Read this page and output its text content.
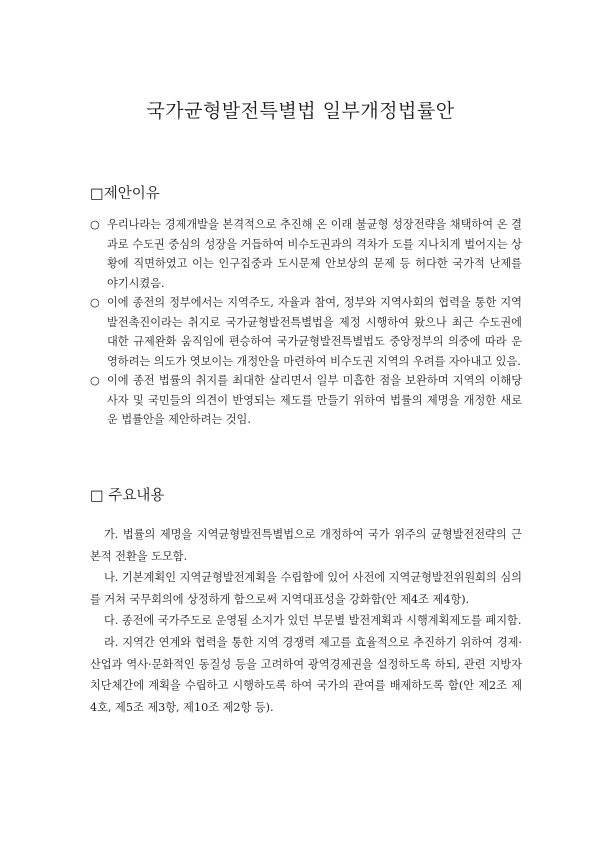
국가균형발전특별법 일부개정법률안
□제안이유
○ 우리나라는 경제개발을 본격적으로 추진해 온 이래 불균형 성장전략을 채택하여 온 결과로 수도권 중심의 성장을 거듭하여 비수도권과의 격차가 도를 지나치게 벌어지는 상황에 직면하였고 이는 인구집중과 도시문제 안보상의 문제 등 허다한 국가적 난제를 야기시켰음.
○ 이에 종전의 정부에서는 지역주도, 자율과 참여, 정부와 지역사회의 협력을 통한 지역발전촉진이라는 취지로 국가균형발전특별법을 제정 시행하여 왔으나 최근 수도권에 대한 규제완화 움직임에 편승하여 국가균형발전특별법도 중앙정부의 의중에 따라 운영하려는 의도가 엿보이는 개정안을 마련하여 비수도권 지역의 우려를 자아내고 있음.
○ 이에 종전 법률의 취지를 최대한 살리면서 일부 미흡한 점을 보완하며 지역의 이해당사자 및 국민들의 의견이 반영되는 제도를 만들기 위하여 법률의 제명을 개정한 새로운 법률안을 제안하려는 것임.
□ 주요내용
가. 법률의 제명을 지역균형발전특별법으로 개정하여 국가 위주의 균형발전전략의 근본적 전환을 도모함.
나. 기본계획인 지역균형발전계획을 수립함에 있어 사전에 지역균형발전위원회의 심의를 거쳐 국무회의에 상정하게 함으로써 지역대표성을 강화함(안 제4조 제4항).
다. 종전에 국가주도로 운영될 소지가 있던 부문별 발전계획과 시행계획제도를 폐지함.
라. 지역간 연계와 협력을 통한 지역 경쟁력 제고를 효율적으로 추진하기 위하여 경제·산업과 역사·문화적인 동질성 등을 고려하여 광역경제권을 설정하도록 하되, 관련 지방자치단체간에 계획을 수립하고 시행하도록 하여 국가의 관여를 배제하도록 함(안 제2조 제4호, 제5조 제3항, 제10조 제2항 등).
